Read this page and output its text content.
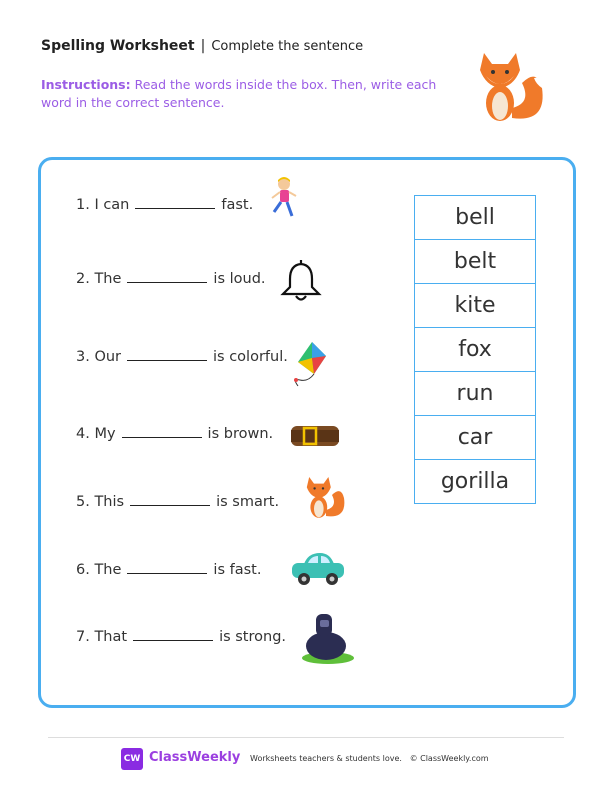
Spelling Worksheet | Complete the sentence
Instructions: Read the words inside the box. Then, write each word in the correct sentence.
1. I can	fast.
2. The	is loud.
3. Our	is colorful.
4. My	is brown.
5. This	is smart.
6. The	is fast.
7. That	is strong.
bell
belt
kite
fox
run
car
gorilla
CW ClassWeekly Worksheets teachers & students love. © ClassWeekly.com
